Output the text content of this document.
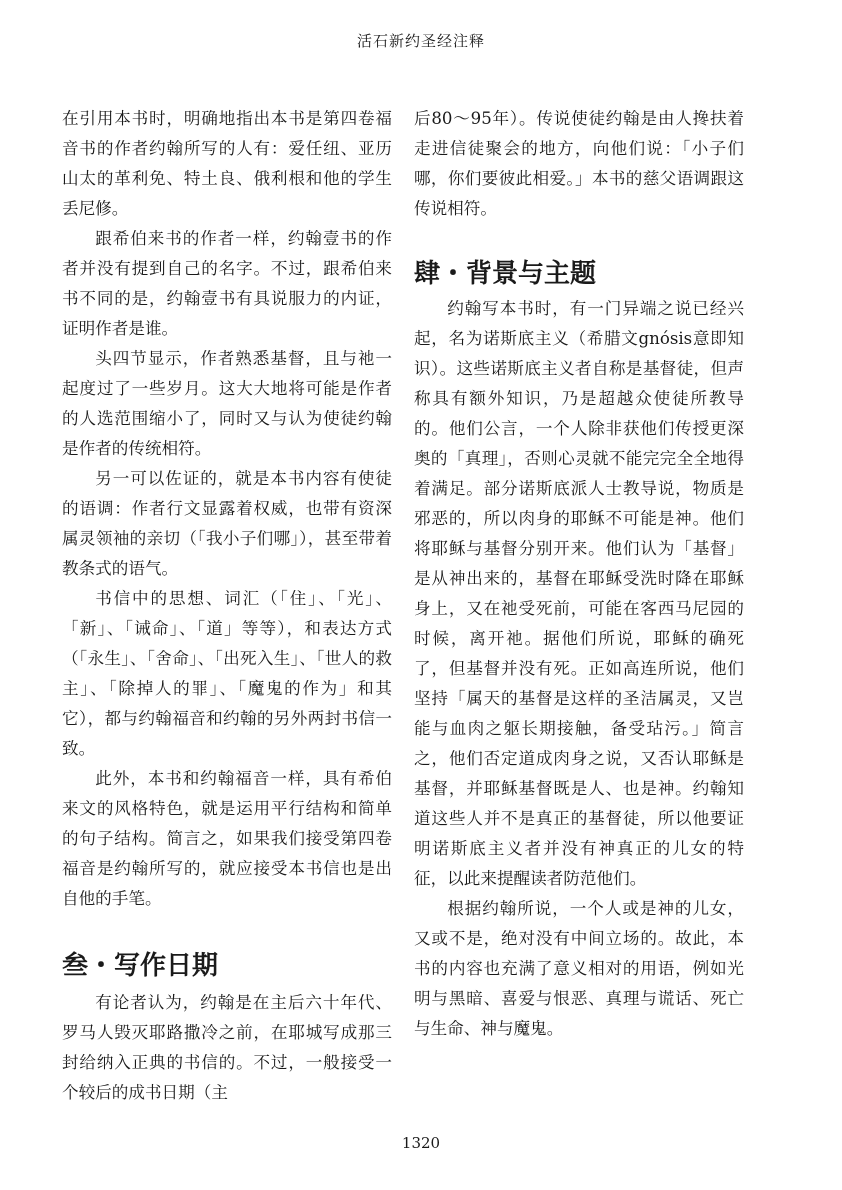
活石新约圣经注释

在引用本书时，明确地指出本书是第四卷福音书的作者约翰所写的人有：爱任纽、亚历山太的革利免、特土良、俄利根和他的学生丢尼修。

跟希伯来书的作者一样，约翰壹书的作者并没有提到自己的名字。不过，跟希伯来书不同的是，约翰壹书有具说服力的内证，证明作者是谁。

头四节显示，作者熟悉基督，且与祂一起度过了一些岁月。这大大地将可能是作者的人选范围缩小了，同时又与认为使徒约翰是作者的传统相符。

另一可以佐证的，就是本书内容有使徒的语调：作者行文显露着权威，也带有资深属灵领袖的亲切（「我小子们哪」），甚至带着教条式的语气。

书信中的思想、词汇（「住」、「光」、「新」、「诫命」、「道」等等），和表达方式（「永生」、「舍命」、「出死入生」、「世人的救主」、「除掉人的罪」、「魔鬼的作为」和其它），都与约翰福音和约翰的另外两封书信一致。

此外，本书和约翰福音一样，具有希伯来文的风格特色，就是运用平行结构和简单的句子结构。简言之，如果我们接受第四卷福音是约翰所写的，就应接受本书信也是出自他的手笔。

叁・写作日期

有论者认为，约翰是在主后六十年代、罗马人毁灭耶路撒冷之前，在耶城写成那三封给纳入正典的书信的。不过，一般接受一个较后的成书日期（主

后80～95年）。传说使徒约翰是由人搀扶着走进信徒聚会的地方，向他们说：「小子们哪，你们要彼此相爱。」本书的慈父语调跟这传说相符。

肆・背景与主题

约翰写本书时，有一门异端之说已经兴起，名为诺斯底主义（希腊文gnósis意即知识）。这些诺斯底主义者自称是基督徒，但声称具有额外知识，乃是超越众使徒所教导的。他们公言，一个人除非获他们传授更深奥的「真理」，否则心灵就不能完完全全地得着满足。部分诺斯底派人士教导说，物质是邪恶的，所以肉身的耶稣不可能是神。他们将耶稣与基督分别开来。他们认为「基督」是从神出来的，基督在耶稣受洗时降在耶稣身上，又在祂受死前，可能在客西马尼园的时候，离开祂。据他们所说，耶稣的确死了，但基督并没有死。正如高连所说，他们坚持「属天的基督是这样的圣洁属灵，又岂能与血肉之躯长期接触，备受玷污。」简言之，他们否定道成肉身之说，又否认耶稣是基督，并耶稣基督既是人、也是神。约翰知道这些人并不是真正的基督徒，所以他要证明诺斯底主义者并没有神真正的儿女的特征，以此来提醒读者防范他们。

根据约翰所说，一个人或是神的儿女，又或不是，绝对没有中间立场的。故此，本书的内容也充满了意义相对的用语，例如光明与黑暗、喜爱与恨恶、真理与谎话、死亡与生命、神与魔鬼。

1320
